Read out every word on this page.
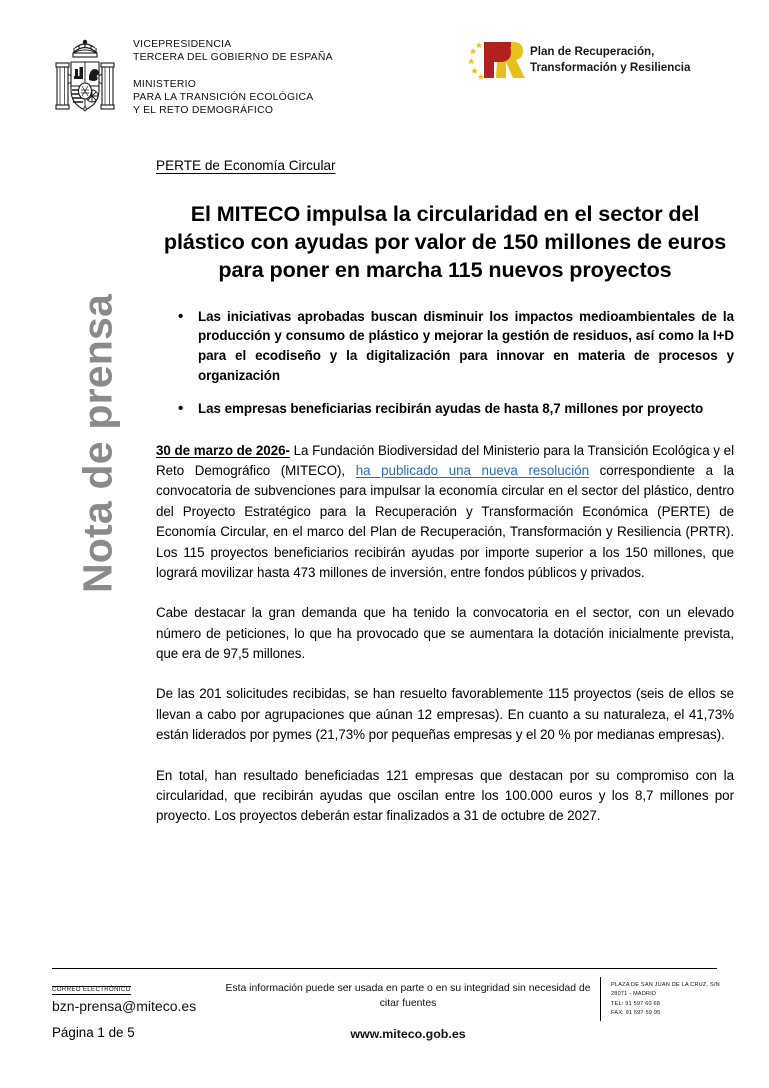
VICEPRESIDENCIA
TERCERA DEL GOBIERNO DE ESPAÑA
MINISTERIO
PARA LA TRANSICIÓN ECOLÓGICA
Y EL RETO DEMOGRÁFICO
Plan de Recuperación,
Transformación y Resiliencia
Nota de prensa
PERTE de Economía Circular
El MITECO impulsa la circularidad en el sector del plástico con ayudas por valor de 150 millones de euros para poner en marcha 115 nuevos proyectos
• Las iniciativas aprobadas buscan disminuir los impactos medioambientales de la producción y consumo de plástico y mejorar la gestión de residuos, así como la I+D para el ecodiseño y la digitalización para innovar en materia de procesos y organización
• Las empresas beneficiarias recibirán ayudas de hasta 8,7 millones por proyecto

30 de marzo de 2026- La Fundación Biodiversidad del Ministerio para la Transición Ecológica y el Reto Demográfico (MITECO), ha publicado una nueva resolución correspondiente a la convocatoria de subvenciones para impulsar la economía circular en el sector del plástico, dentro del Proyecto Estratégico para la Recuperación y Transformación Económica (PERTE) de Economía Circular, en el marco del Plan de Recuperación, Transformación y Resiliencia (PRTR). Los 115 proyectos beneficiarios recibirán ayudas por importe superior a los 150 millones, que logrará movilizar hasta 473 millones de inversión, entre fondos públicos y privados.

Cabe destacar la gran demanda que ha tenido la convocatoria en el sector, con un elevado número de peticiones, lo que ha provocado que se aumentara la dotación inicialmente prevista, que era de 97,5 millones.

De las 201 solicitudes recibidas, se han resuelto favorablemente 115 proyectos (seis de ellos se llevan a cabo por agrupaciones que aúnan 12 empresas). En cuanto a su naturaleza, el 41,73% están liderados por pymes (21,73% por pequeñas empresas y el 20 % por medianas empresas).

En total, han resultado beneficiadas 121 empresas que destacan por su compromiso con la circularidad, que recibirán ayudas que oscilan entre los 100.000 euros y los 8,7 millones por proyecto. Los proyectos deberán estar finalizados a 31 de octubre de 2027.

CORREO ELECTRÓNICO
bzn-prensa@miteco.es
Página 1 de 5
Esta información puede ser usada en parte o en su integridad sin necesidad de citar fuentes
www.miteco.gob.es
PLAZA DE SAN JUAN DE LA CRUZ, S/N
28071 - MADRID
TEL: 91 597 60 68
FAX: 91 597 59 95
